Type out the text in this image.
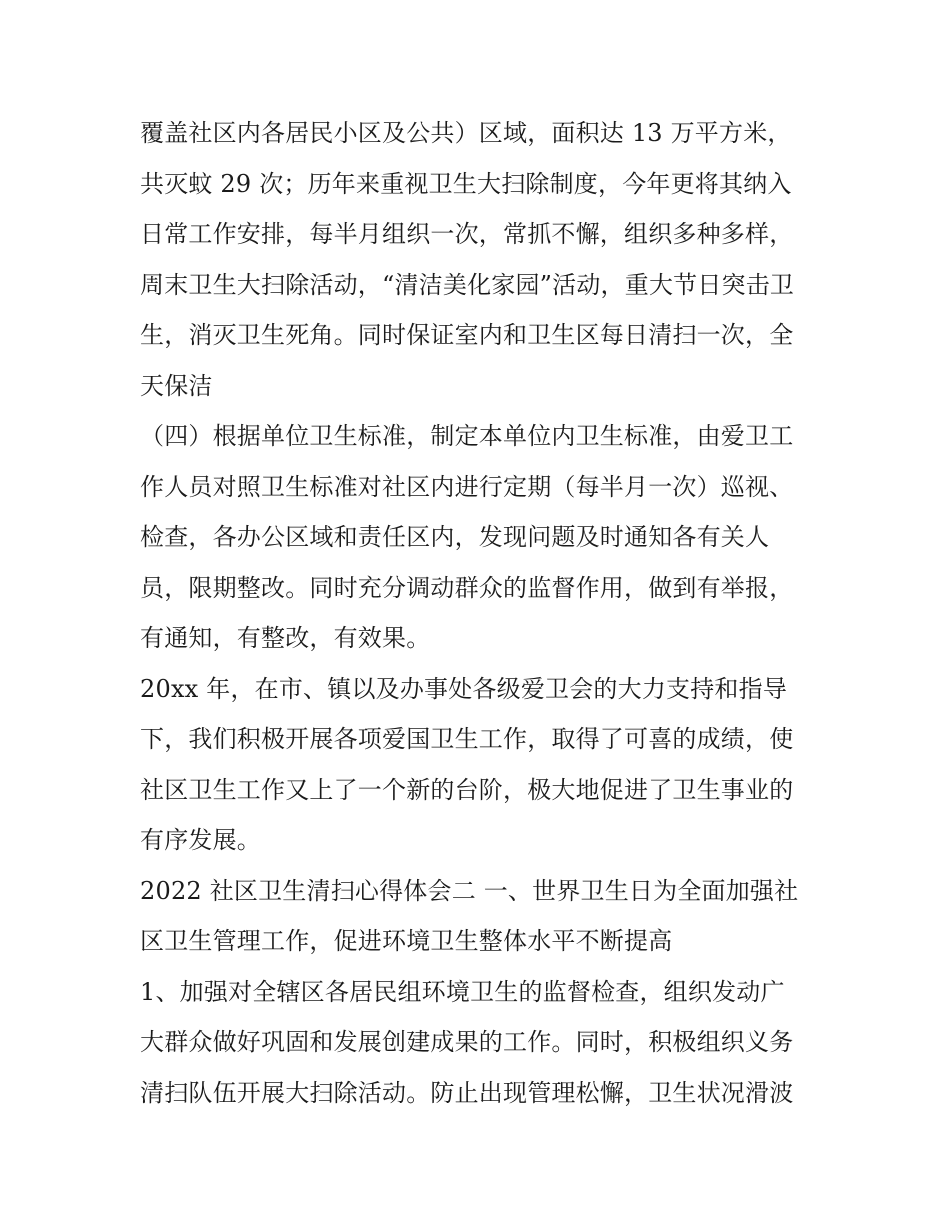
覆盖社区内各居民小区及公共）区域，面积达 13 万平方米，
共灭蚊 29 次；历年来重视卫生大扫除制度，今年更将其纳入
日常工作安排，每半月组织一次，常抓不懈，组织多种多样，
周末卫生大扫除活动，“清洁美化家园”活动，重大节日突击卫
生，消灭卫生死角。同时保证室内和卫生区每日清扫一次，全
天保洁
（四）根据单位卫生标准，制定本单位内卫生标准，由爱卫工
作人员对照卫生标准对社区内进行定期（每半月一次）巡视、
检查，各办公区域和责任区内，发现问题及时通知各有关人
员，限期整改。同时充分调动群众的监督作用，做到有举报，
有通知，有整改，有效果。
20xx 年，在市、镇以及办事处各级爱卫会的大力支持和指导
下，我们积极开展各项爱国卫生工作，取得了可喜的成绩，使
社区卫生工作又上了一个新的台阶，极大地促进了卫生事业的
有序发展。
2022 社区卫生清扫心得体会二 一、世界卫生日为全面加强社
区卫生管理工作，促进环境卫生整体水平不断提高
1、加强对全辖区各居民组环境卫生的监督检查，组织发动广
大群众做好巩固和发展创建成果的工作。同时，积极组织义务
清扫队伍开展大扫除活动。防止出现管理松懈，卫生状况滑波
